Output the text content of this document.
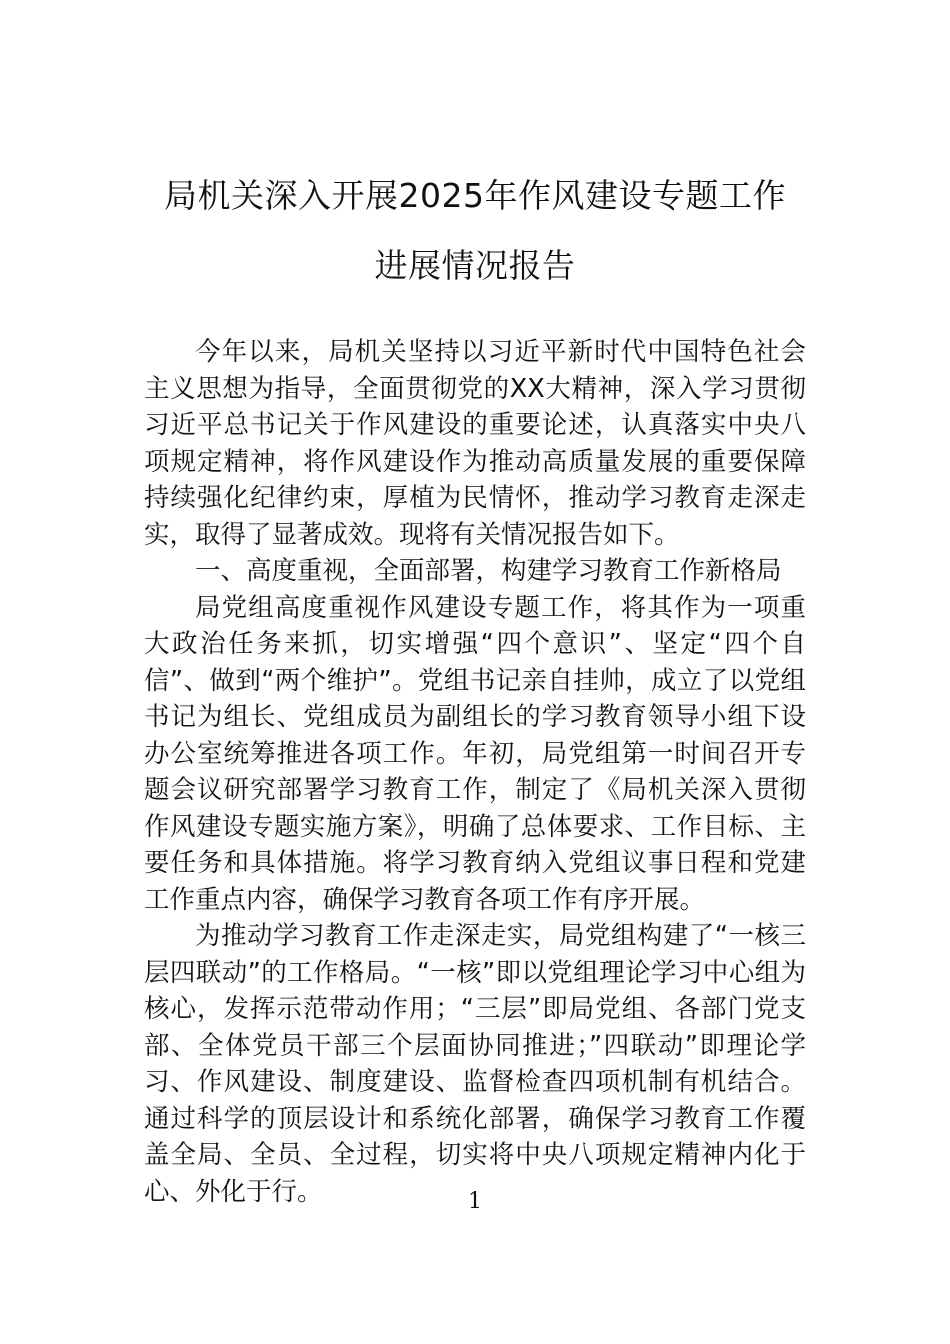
局机关深入开展2025年作风建设专题工作
进展情况报告

今年以来，局机关坚持以习近平新时代中国特色社会主义思想为指导，全面贯彻党的XX大精神，深入学习贯彻习近平总书记关于作风建设的重要论述，认真落实中央八项规定精神，将作风建设作为推动高质量发展的重要保障持续强化纪律约束，厚植为民情怀，推动学习教育走深走实，取得了显著成效。现将有关情况报告如下。

一、高度重视，全面部署，构建学习教育工作新格局

局党组高度重视作风建设专题工作，将其作为一项重大政治任务来抓，切实增强“四个意识”、坚定“四个自信”、做到“两个维护”。党组书记亲自挂帅，成立了以党组书记为组长、党组成员为副组长的学习教育领导小组下设办公室统筹推进各项工作。年初，局党组第一时间召开专题会议研究部署学习教育工作，制定了《局机关深入贯彻作风建设专题实施方案》，明确了总体要求、工作目标、主要任务和具体措施。将学习教育纳入党组议事日程和党建工作重点内容，确保学习教育各项工作有序开展。

为推动学习教育工作走深走实，局党组构建了“一核三层四联动”的工作格局。“一核”即以党组理论学习中心组为核心，发挥示范带动作用；“三层”即局党组、各部门党支部、全体党员干部三个层面协同推进；”四联动”即理论学习、作风建设、制度建设、监督检查四项机制有机结合。通过科学的顶层设计和系统化部署，确保学习教育工作覆盖全局、全员、全过程，切实将中央八项规定精神内化于心、外化于行。	1
